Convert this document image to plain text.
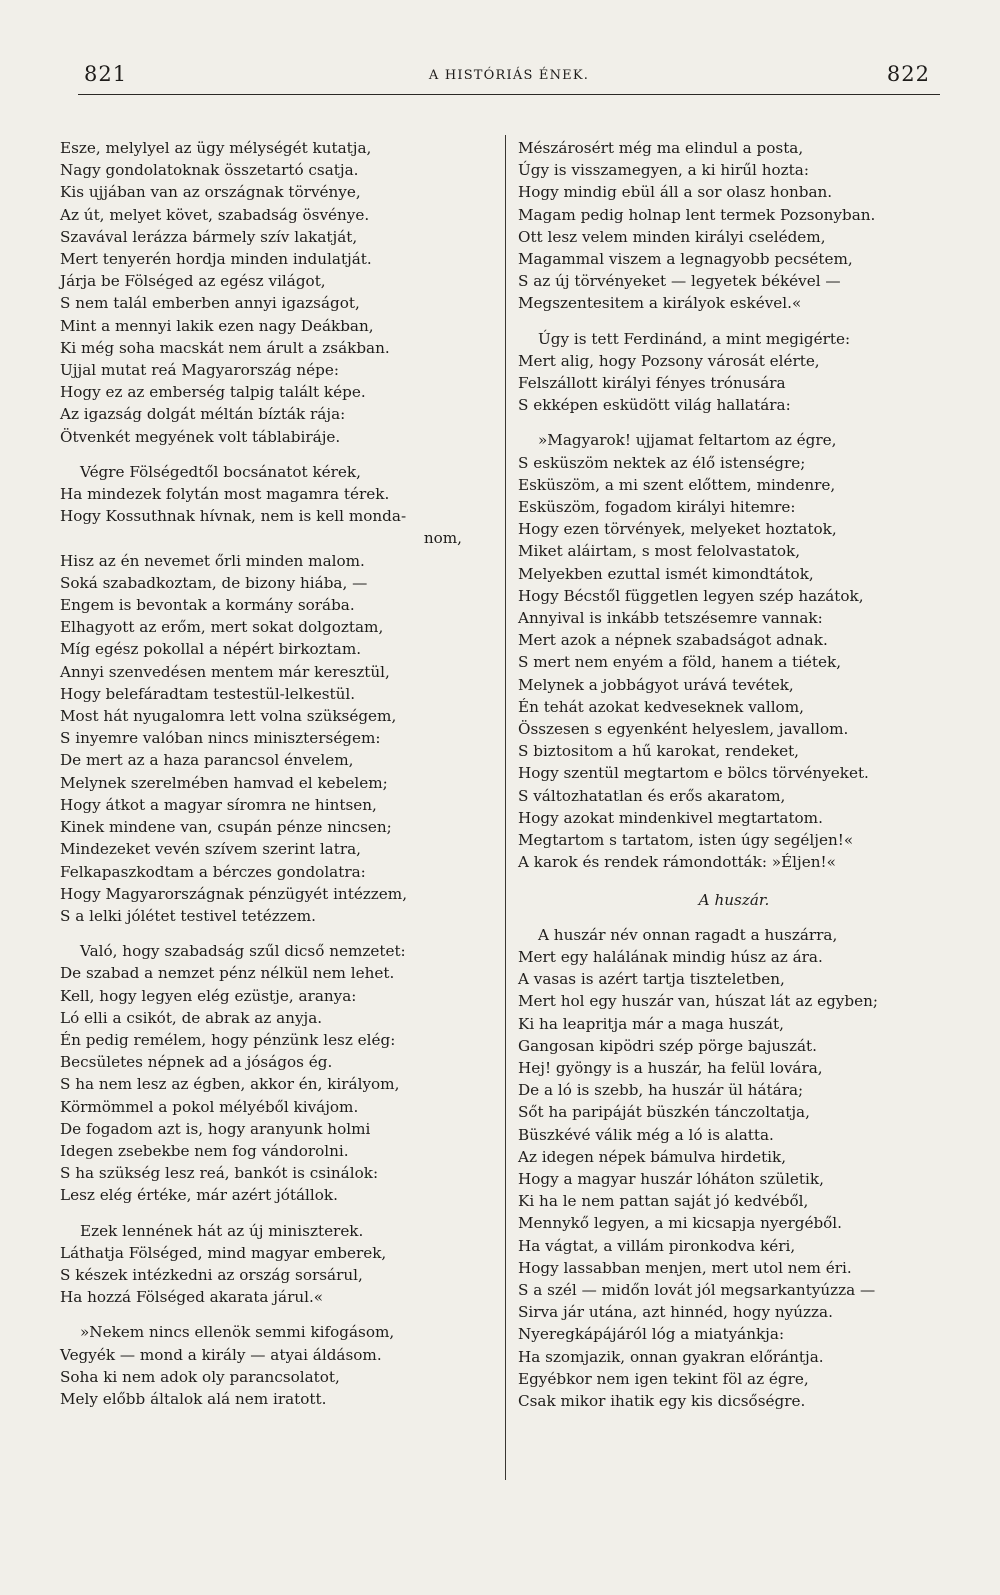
821	A HISTÓRIÁS ÉNEK.	822
Esze, melylyel az ügy mélységét kutatja,
Nagy gondolatoknak összetartó csatja.
Kis ujjában van az országnak törvénye,
Az út, melyet követ, szabadság ösvénye.
Szavával lerázza bármely szív lakatját,
Mert tenyerén hordja minden indulatját.
Járja be Fölséged az egész világot,
S nem talál emberben annyi igazságot,
Mint a mennyi lakik ezen nagy Deákban,
Ki még soha macskát nem árult a zsákban.
Ujjal mutat reá Magyarország népe:
Hogy ez az emberség talpig talált képe.
Az igazság dolgát méltán bízták rája:
Ötvenkét megyének volt táblabiráje.
Végre Fölségedtől bocsánatot kérek,
Ha mindezek folytán most magamra térek.
Hogy Kossuthnak hívnak, nem is kell monda-
nom,
Hisz az én nevemet őrli minden malom.
Soká szabadkoztam, de bizony hiába, —
Engem is bevontak a kormány sorába.
Elhagyott az erőm, mert sokat dolgoztam,
Míg egész pokollal a népért birkoztam.
Annyi szenvedésen mentem már keresztül,
Hogy belefáradtam testestül-lelkestül.
Most hát nyugalomra lett volna szükségem,
S inyemre valóban nincs miniszterségem:
De mert az a haza parancsol énvelem,
Melynek szerelmében hamvad el kebelem;
Hogy átkot a magyar síromra ne hintsen,
Kinek mindene van, csupán pénze nincsen;
Mindezeket vevén szívem szerint latra,
Felkapaszkodtam a bérczes gondolatra:
Hogy Magyarországnak pénzügyét intézzem,
S a lelki jólétet testivel tetézzem.
Való, hogy szabadság szűl dicső nemzetet:
De szabad a nemzet pénz nélkül nem lehet.
Kell, hogy legyen elég ezüstje, aranya:
Ló elli a csikót, de abrak az anyja.
Én pedig remélem, hogy pénzünk lesz elég:
Becsületes népnek ad a jóságos ég.
S ha nem lesz az égben, akkor én, királyom,
Körmömmel a pokol mélyéből kivájom.
De fogadom azt is, hogy aranyunk holmi
Idegen zsebekbe nem fog vándorolni.
S ha szükség lesz reá, bankót is csinálok:
Lesz elég értéke, már azért jótállok.
Ezek lennének hát az új miniszterek.
Láthatja Fölséged, mind magyar emberek,
S készek intézkedni az ország sorsárul,
Ha hozzá Fölséged akarata járul.«
»Nekem nincs ellenök semmi kifogásom,
Vegyék — mond a király — atyai áldásom.
Soha ki nem adok oly parancsolatot,
Mely előbb általok alá nem iratott.
Mészárosért még ma elindul a posta,
Úgy is visszamegyen, a ki hirűl hozta:
Hogy mindig ebül áll a sor olasz honban.
Magam pedig holnap lent termek Pozsonyban.
Ott lesz velem minden királyi cselédem,
Magammal viszem a legnagyobb pecsétem,
S az új törvényeket — legyetek békével —
Megszentesitem a királyok eskével.«
Úgy is tett Ferdinánd, a mint megigérte:
Mert alig, hogy Pozsony városát elérte,
Felszállott királyi fényes trónusára
S ekképen esküdött világ hallatára:
»Magyarok! ujjamat feltartom az égre,
S esküszöm nektek az élő istenségre;
Esküszöm, a mi szent előttem, mindenre,
Esküszöm, fogadom királyi hitemre:
Hogy ezen törvények, melyeket hoztatok,
Miket aláirtam, s most felolvastatok,
Melyekben ezuttal ismét kimondtátok,
Hogy Bécstől független legyen szép hazátok,
Annyival is inkább tetszésemre vannak:
Mert azok a népnek szabadságot adnak.
S mert nem enyém a föld, hanem a tiétek,
Melynek a jobbágyot urává tevétek,
Én tehát azokat kedveseknek vallom,
Összesen s egyenként helyeslem, javallom.
S biztositom a hű karokat, rendeket,
Hogy szentül megtartom e bölcs törvényeket.
S változhatatlan és erős akaratom,
Hogy azokat mindenkivel megtartatom.
Megtartom s tartatom, isten úgy segéljen!«
A karok és rendek rámondották: »Éljen!«
A huszár.
A huszár név onnan ragadt a huszárra,
Mert egy halálának mindig húsz az ára.
A vasas is azért tartja tiszteletben,
Mert hol egy huszár van, húszat lát az egyben;
Ki ha leapritja már a maga huszát,
Gangosan kipödri szép pörge bajuszát.
Hej! gyöngy is a huszár, ha felül lovára,
De a ló is szebb, ha huszár ül hátára;
Sőt ha paripáját büszkén tánczoltatja,
Büszkévé válik még a ló is alatta.
Az idegen népek bámulva hirdetik,
Hogy a magyar huszár lóháton születik,
Ki ha le nem pattan saját jó kedvéből,
Mennykő legyen, a mi kicsapja nyergéből.
Ha vágtat, a villám pironkodva kéri,
Hogy lassabban menjen, mert utol nem éri.
S a szél — midőn lovát jól megsarkantyúzza —
Sirva jár utána, azt hinnéd, hogy nyúzza.
Nyeregkápájáról lóg a miatyánkja:
Ha szomjazik, onnan gyakran előrántja.
Egyébkor nem igen tekint föl az égre,
Csak mikor ihatik egy kis dicsőségre.
